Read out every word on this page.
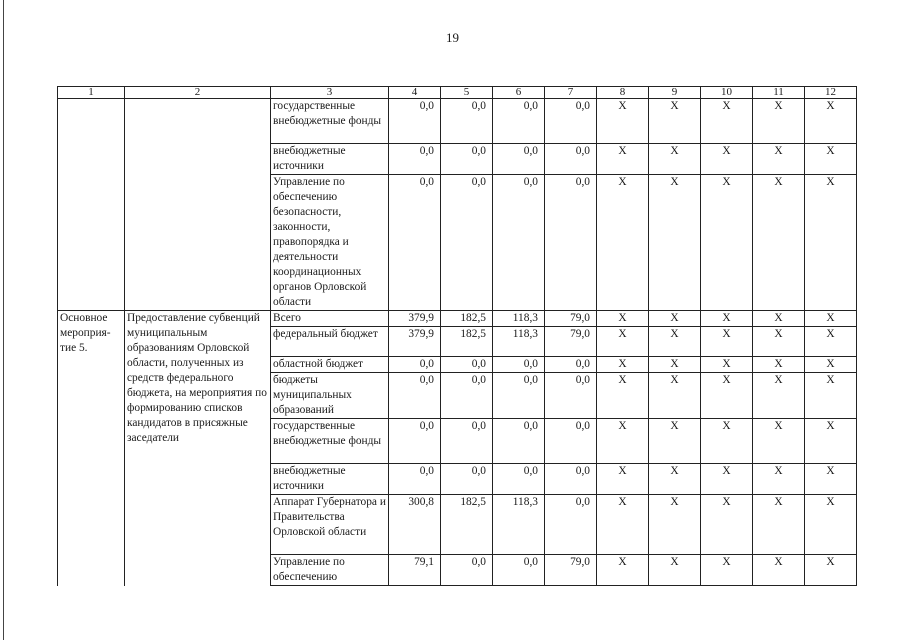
19
1	2	3	4	5	6	7	8	9	10	11	12
		государственные внебюджетные фонды	0,0	0,0	0,0	0,0	Х	Х	Х	Х	Х
		внебюджетные источники	0,0	0,0	0,0	0,0	Х	Х	Х	Х	Х
		Управление по обеспечению безопасности, законности, правопорядка и деятельности координационных органов Орловской области	0,0	0,0	0,0	0,0	Х	Х	Х	Х	Х
Основное мероприя-тие 5.	Предоставление субвенций муниципальным образованиям Орловской области, полученных из средств федерального бюджета, на мероприятия по формированию списков кандидатов в присяжные заседатели	Всего	379,9	182,5	118,3	79,0	Х	Х	Х	Х	Х
		федеральный бюджет	379,9	182,5	118,3	79,0	Х	Х	Х	Х	Х
		областной бюджет	0,0	0,0	0,0	0,0	Х	Х	Х	Х	Х
		бюджеты муниципальных образований	0,0	0,0	0,0	0,0	Х	Х	Х	Х	Х
		государственные внебюджетные фонды	0,0	0,0	0,0	0,0	Х	Х	Х	Х	Х
		внебюджетные источники	0,0	0,0	0,0	0,0	Х	Х	Х	Х	Х
		Аппарат Губернатора и Правительства Орловской области	300,8	182,5	118,3	0,0	Х	Х	Х	Х	Х
		Управление по обеспечению	79,1	0,0	0,0	79,0	Х	Х	Х	Х	Х
